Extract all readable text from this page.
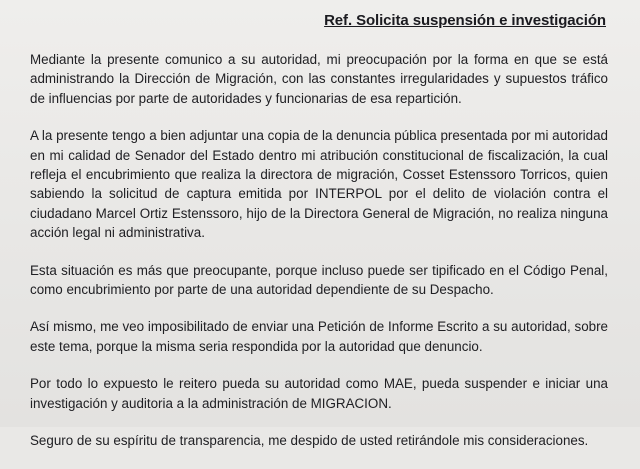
Ref. Solicita suspensión e investigación

Mediante la presente comunico a su autoridad, mi preocupación por la forma en que se está administrando la Dirección de Migración, con las constantes irregularidades y supuestos tráfico de influencias por parte de autoridades y funcionarias de esa repartición.

A la presente tengo a bien adjuntar una copia de la denuncia pública presentada por mi autoridad en mi calidad de Senador del Estado dentro mi atribución constitucional de fiscalización, la cual refleja el encubrimiento que realiza la directora de migración, Cosset Estenssoro Torricos, quien sabiendo la solicitud de captura emitida por INTERPOL por el delito de violación contra el ciudadano Marcel Ortiz Estenssoro, hijo de la Directora General de Migración, no realiza ninguna acción legal ni administrativa.

Esta situación es más que preocupante, porque incluso puede ser tipificado en el Código Penal, como encubrimiento por parte de una autoridad dependiente de su Despacho.

Así mismo, me veo imposibilitado de enviar una Petición de Informe Escrito a su autoridad, sobre este tema, porque la misma seria respondida por la autoridad que denuncio.

Por todo lo expuesto le reitero pueda su autoridad como MAE, pueda suspender e iniciar una investigación y auditoria a la administración de MIGRACION.

Seguro de su espíritu de transparencia, me despido de usted retirándole mis consideraciones.
